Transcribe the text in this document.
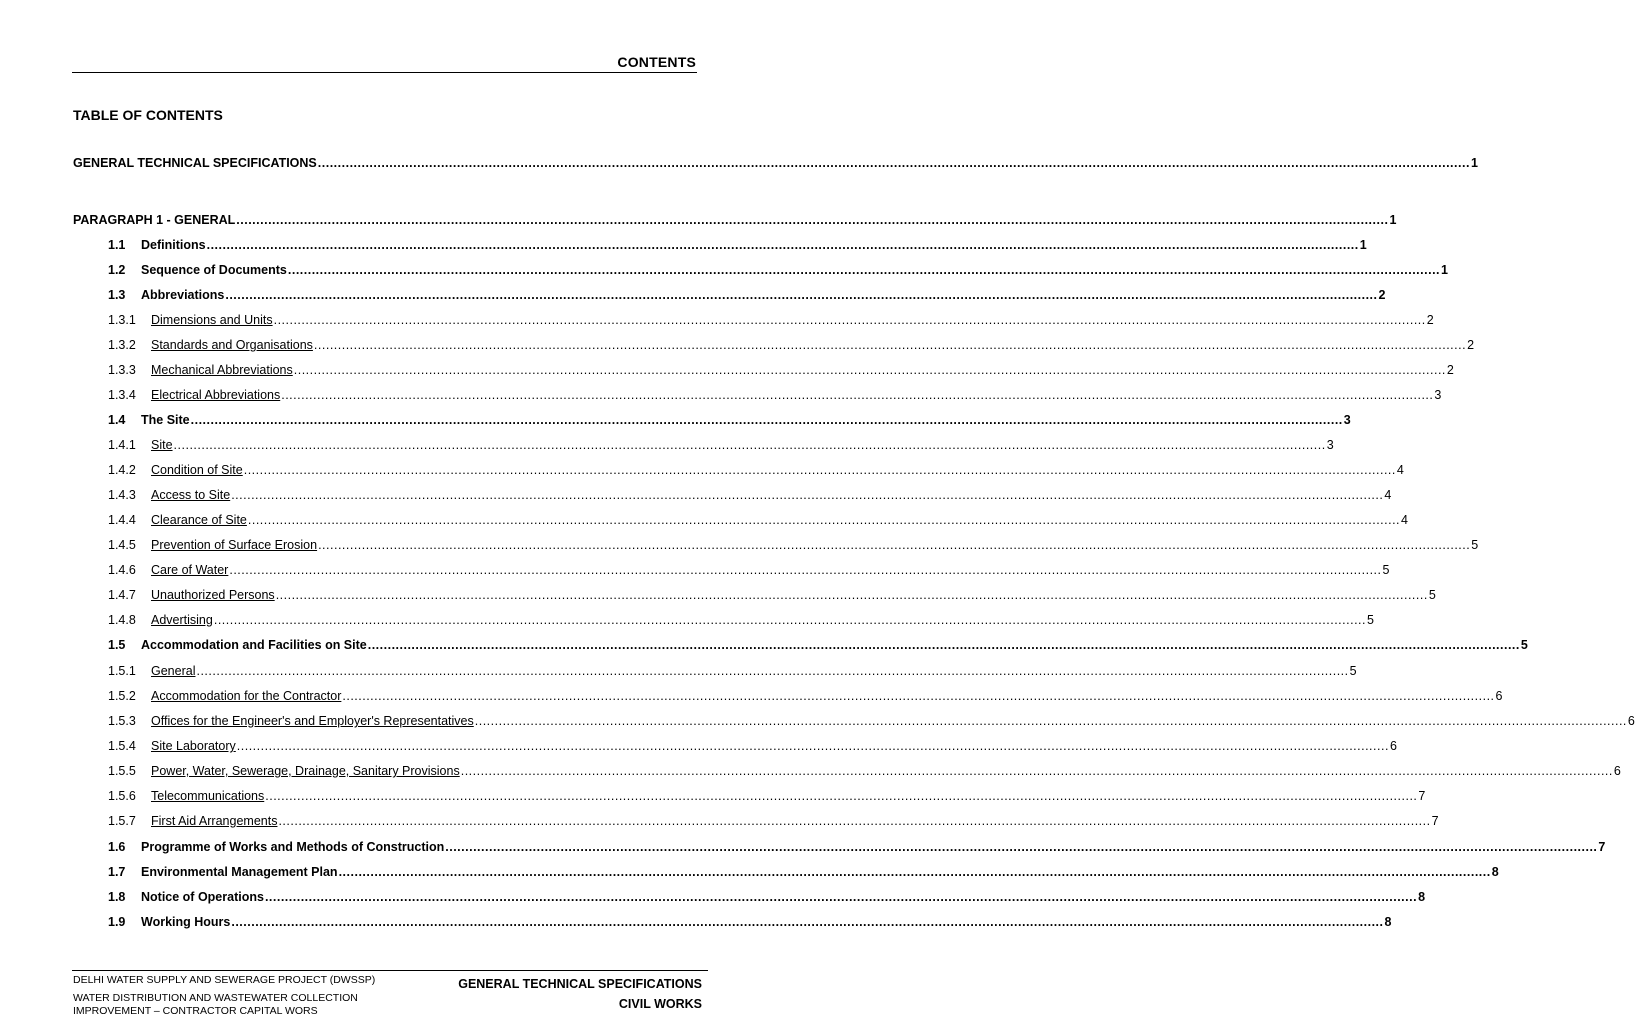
CONTENTS
TABLE OF CONTENTS
GENERAL TECHNICAL SPECIFICATIONS .....	1
PARAGRAPH 1 - GENERAL .....	1
1.1	Definitions .....	1
1.2	Sequence of Documents .....	1
1.3	Abbreviations .....	2
1.3.1	Dimensions and Units .....	2
1.3.2	Standards and Organisations .....	2
1.3.3	Mechanical Abbreviations .....	2
1.3.4	Electrical Abbreviations .....	3
1.4	The Site .....	3
1.4.1	Site .....	3
1.4.2	Condition of Site .....	4
1.4.3	Access to Site .....	4
1.4.4	Clearance of Site .....	4
1.4.5	Prevention of Surface Erosion .....	5
1.4.6	Care of Water .....	5
1.4.7	Unauthorized Persons .....	5
1.4.8	Advertising .....	5
1.5	Accommodation and Facilities on Site .....	5
1.5.1	General .....	5
1.5.2	Accommodation for the Contractor .....	6
1.5.3	Offices for the Engineer's and Employer's Representatives .....	6
1.5.4	Site Laboratory .....	6
1.5.5	Power, Water, Sewerage, Drainage, Sanitary Provisions .....	6
1.5.6	Telecommunications .....	7
1.5.7	First Aid Arrangements .....	7
1.6	Programme of Works and Methods of Construction .....	7
1.7	Environmental Management Plan .....	8
1.8	Notice of Operations .....	8
1.9	Working Hours .....	8
DELHI WATER SUPPLY AND SEWERAGE PROJECT (DWSSP)
WATER DISTRIBUTION AND WASTEWATER COLLECTION
IMPROVEMENT – CONTRACTOR CAPITAL WORS
GENERAL TECHNICAL SPECIFICATIONS
CIVIL WORKS
